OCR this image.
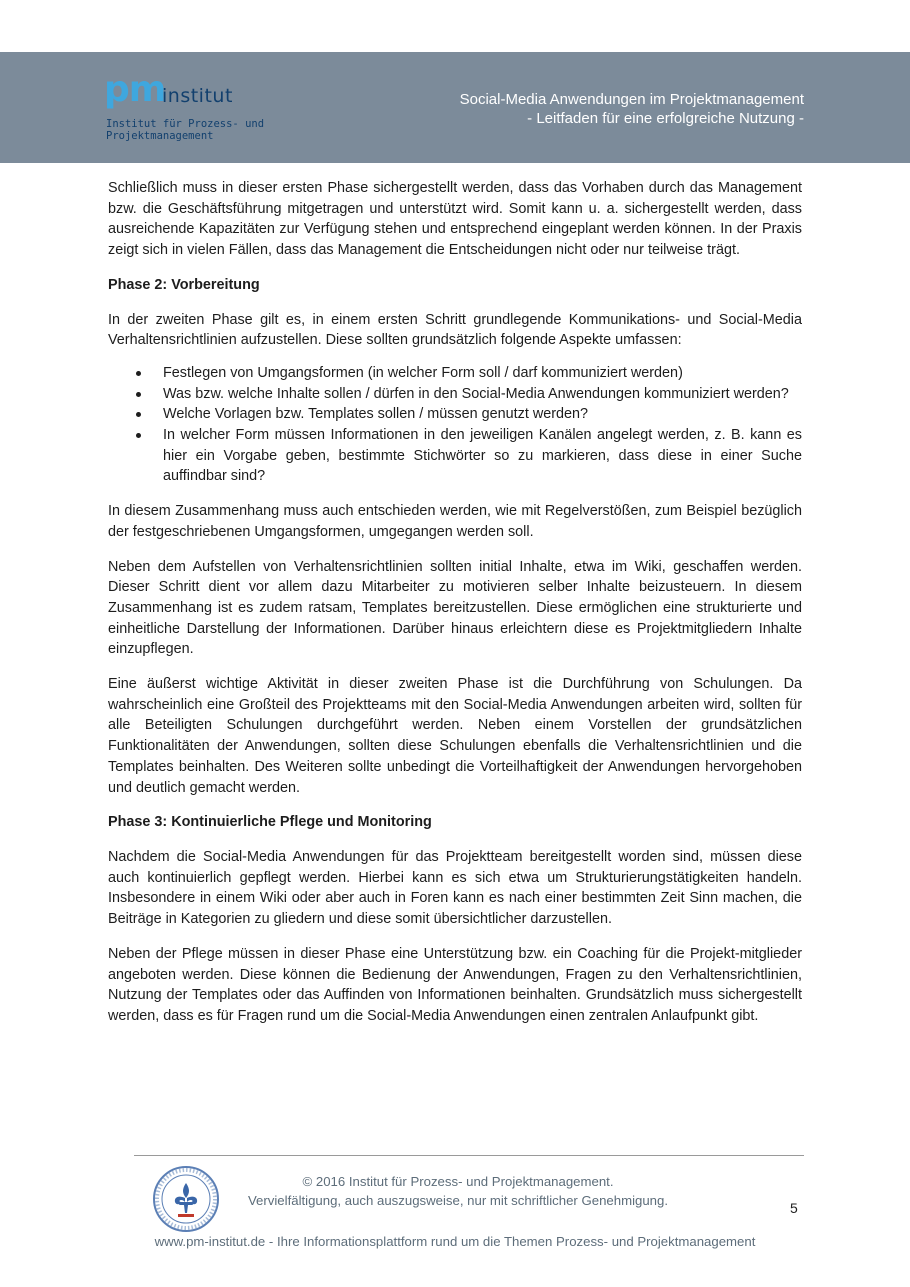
pm
institut
Institut für Prozess- und
Projektmanagement
Social-Media Anwendungen im Projektmanagement
- Leitfaden für eine erfolgreiche Nutzung -

Schließlich muss in dieser ersten Phase sichergestellt werden, dass das Vorhaben durch das Management bzw. die Geschäftsführung mitgetragen und unterstützt wird. Somit kann u. a. sichergestellt werden, dass ausreichende Kapazitäten zur Verfügung stehen und entsprechend eingeplant werden können. In der Praxis zeigt sich in vielen Fällen, dass das Management die Entscheidungen nicht oder nur teilweise trägt.

Phase 2: Vorbereitung

In der zweiten Phase gilt es, in einem ersten Schritt grundlegende Kommunikations- und Social-Media Verhaltensrichtlinien aufzustellen. Diese sollten grundsätzlich folgende Aspekte umfassen:

Festlegen von Umgangsformen (in welcher Form soll / darf kommuniziert werden)
Was bzw. welche Inhalte sollen / dürfen in den Social-Media Anwendungen kommuniziert werden?
Welche Vorlagen bzw. Templates sollen / müssen genutzt werden?
In welcher Form müssen Informationen in den jeweiligen Kanälen angelegt werden, z. B. kann es hier ein Vorgabe geben, bestimmte Stichwörter so zu markieren, dass diese in einer Suche auffindbar sind?

In diesem Zusammenhang muss auch entschieden werden, wie mit Regelverstößen, zum Beispiel bezüglich der festgeschriebenen Umgangsformen, umgegangen werden soll.

Neben dem Aufstellen von Verhaltensrichtlinien sollten initial Inhalte, etwa im Wiki, geschaffen werden. Dieser Schritt dient vor allem dazu Mitarbeiter zu motivieren selber Inhalte beizusteuern. In diesem Zusammenhang ist es zudem ratsam, Templates bereitzustellen. Diese ermöglichen eine strukturierte und einheitliche Darstellung der Informationen. Darüber hinaus erleichtern diese es Projektmitgliedern Inhalte einzupflegen.

Eine äußerst wichtige Aktivität in dieser zweiten Phase ist die Durchführung von Schulungen. Da wahrscheinlich eine Großteil des Projektteams mit den Social-Media Anwendungen arbeiten wird, sollten für alle Beteiligten Schulungen durchgeführt werden. Neben einem Vorstellen der grundsätzlichen Funktionalitäten der Anwendungen, sollten diese Schulungen ebenfalls die Verhaltensrichtlinien und die Templates beinhalten. Des Weiteren sollte unbedingt die Vorteilhaftigkeit der Anwendungen hervorgehoben und deutlich gemacht werden.

Phase 3: Kontinuierliche Pflege und Monitoring

Nachdem die Social-Media Anwendungen für das Projektteam bereitgestellt worden sind, müssen diese auch kontinuierlich gepflegt werden. Hierbei kann es sich etwa um Strukturierungstätigkeiten handeln. Insbesondere in einem Wiki oder aber auch in Foren kann es nach einer bestimmten Zeit Sinn machen, die Beiträge in Kategorien zu gliedern und diese somit übersichtlicher darzustellen.

Neben der Pflege müssen in dieser Phase eine Unterstützung bzw. ein Coaching für die Projekt-mitglieder angeboten werden. Diese können die Bedienung der Anwendungen, Fragen zu den Verhaltensrichtlinien, Nutzung der Templates oder das Auffinden von Informationen beinhalten. Grundsätzlich muss sichergestellt werden, dass es für Fragen rund um die Social-Media Anwendungen einen zentralen Anlaufpunkt gibt.

© 2016 Institut für Prozess- und Projektmanagement.
Vervielfältigung, auch auszugsweise, nur mit schriftlicher Genehmigung.	5
www.pm-institut.de - Ihre Informationsplattform rund um die Themen Prozess- und Projektmanagement
